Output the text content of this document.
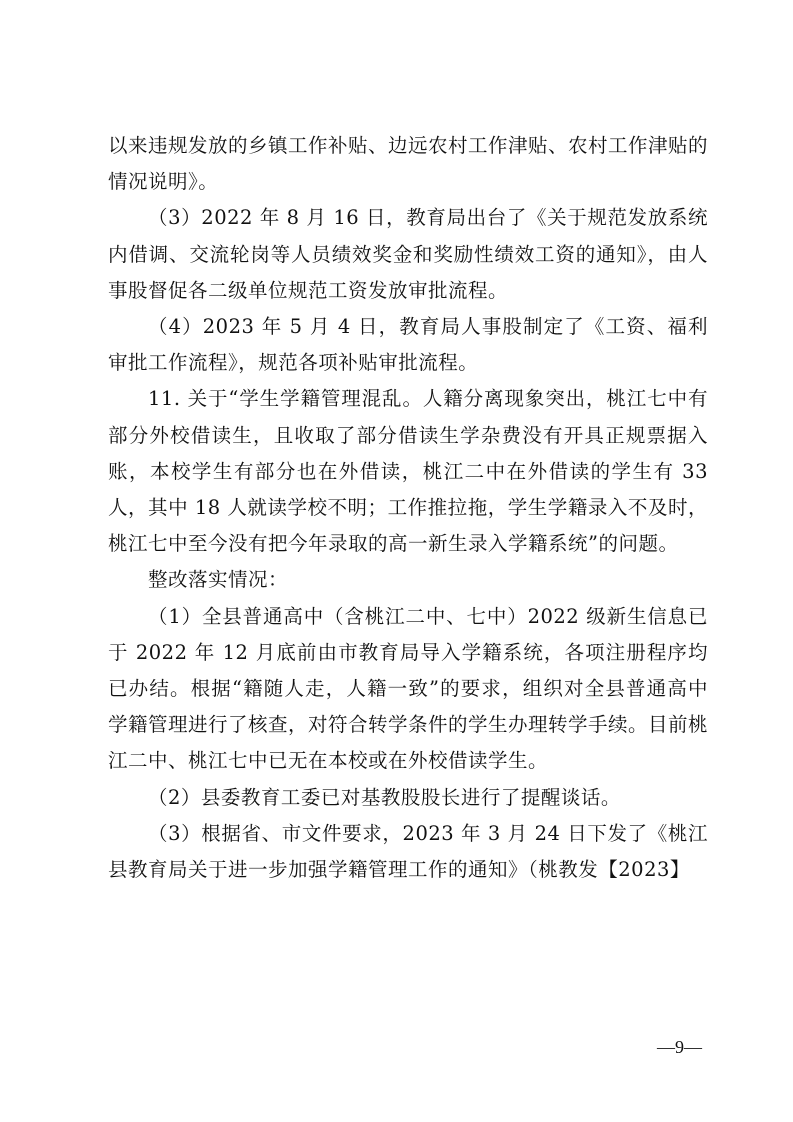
以来违规发放的乡镇工作补贴、边远农村工作津贴、农村工作津贴的情况说明》。

（3）2022 年 8 月 16 日，教育局出台了《关于规范发放系统内借调、交流轮岗等人员绩效奖金和奖励性绩效工资的通知》，由人事股督促各二级单位规范工资发放审批流程。

（4）2023 年 5 月 4 日，教育局人事股制定了《工资、福利审批工作流程》，规范各项补贴审批流程。

11. 关于“学生学籍管理混乱。人籍分离现象突出，桃江七中有部分外校借读生，且收取了部分借读生学杂费没有开具正规票据入账，本校学生有部分也在外借读，桃江二中在外借读的学生有 33 人，其中 18 人就读学校不明；工作推拉拖，学生学籍录入不及时，桃江七中至今没有把今年录取的高一新生录入学籍系统”的问题。

整改落实情况：

（1）全县普通高中（含桃江二中、七中）2022 级新生信息已于 2022 年 12 月底前由市教育局导入学籍系统，各项注册程序均已办结。根据“籍随人走，人籍一致”的要求，组织对全县普通高中学籍管理进行了核查，对符合转学条件的学生办理转学手续。目前桃江二中、桃江七中已无在本校或在外校借读学生。

（2）县委教育工委已对基教股股长进行了提醒谈话。

（3）根据省、市文件要求，2023 年 3 月 24 日下发了《桃江县教育局关于进一步加强学籍管理工作的通知》（桃教发【2023】

—9—
